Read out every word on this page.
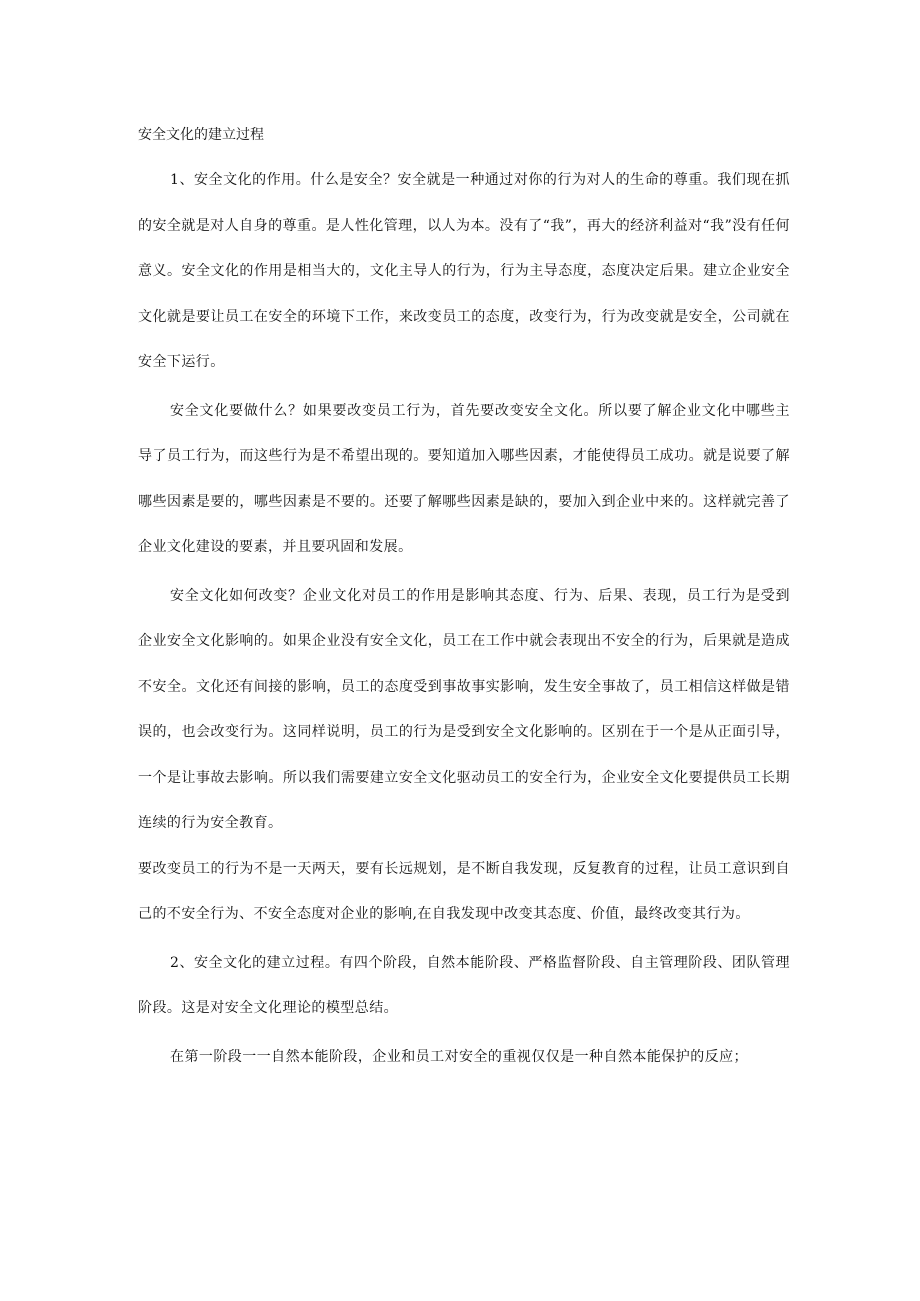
安全文化的建立过程

1、安全文化的作用。什么是安全？安全就是一种通过对你的行为对人的生命的尊重。我们现在抓的安全就是对人自身的尊重。是人性化管理，以人为本。没有了“我”，再大的经济利益对“我”没有任何意义。安全文化的作用是相当大的，文化主导人的行为，行为主导态度，态度决定后果。建立企业安全文化就是要让员工在安全的环境下工作，来改变员工的态度，改变行为，行为改变就是安全，公司就在安全下运行。

安全文化要做什么？如果要改变员工行为，首先要改变安全文化。所以要了解企业文化中哪些主导了员工行为，而这些行为是不希望出现的。要知道加入哪些因素，才能使得员工成功。就是说要了解哪些因素是要的，哪些因素是不要的。还要了解哪些因素是缺的，要加入到企业中来的。这样就完善了企业文化建设的要素，并且要巩固和发展。

安全文化如何改变？企业文化对员工的作用是影响其态度、行为、后果、表现，员工行为是受到企业安全文化影响的。如果企业没有安全文化，员工在工作中就会表现出不安全的行为，后果就是造成不安全。文化还有间接的影响，员工的态度受到事故事实影响，发生安全事故了，员工相信这样做是错误的，也会改变行为。这同样说明，员工的行为是受到安全文化影响的。区别在于一个是从正面引导，一个是让事故去影响。所以我们需要建立安全文化驱动员工的安全行为，企业安全文化要提供员工长期连续的行为安全教育。

要改变员工的行为不是一天两天，要有长远规划，是不断自我发现，反复教育的过程，让员工意识到自己的不安全行为、不安全态度对企业的影响,在自我发现中改变其态度、价值，最终改变其行为。

2、安全文化的建立过程。有四个阶段，自然本能阶段、严格监督阶段、自主管理阶段、团队管理阶段。这是对安全文化理论的模型总结。

在第一阶段一一自然本能阶段，企业和员工对安全的重视仅仅是一种自然本能保护的反应；
